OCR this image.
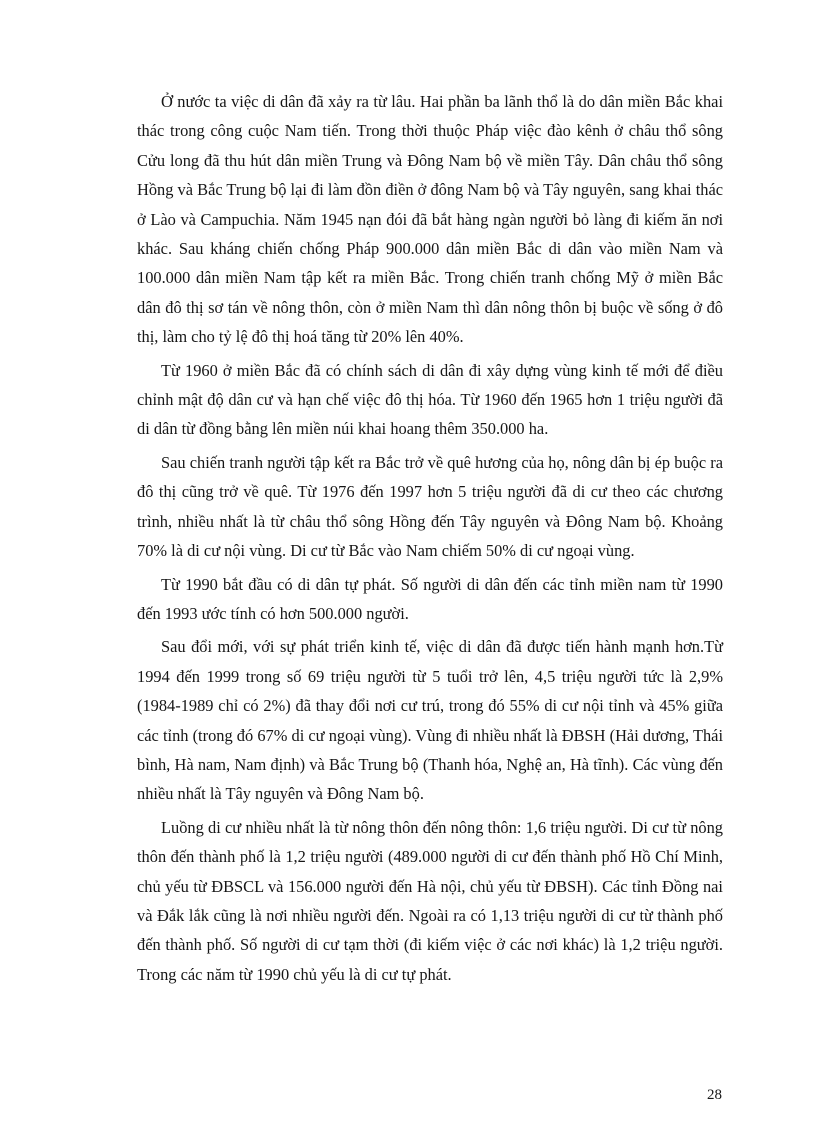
Ở nước ta việc di dân đã xảy ra từ lâu. Hai phần ba lãnh thổ là do dân miền Bắc khai thác trong công cuộc Nam tiến. Trong thời thuộc Pháp việc đào kênh ở châu thổ sông Cửu long đã thu hút dân miền Trung và Đông Nam bộ về miền Tây. Dân châu thổ sông Hồng và Bắc Trung bộ lại đi làm đồn điền ở đông Nam bộ và Tây nguyên, sang khai thác ở Lào và Campuchia. Năm 1945 nạn đói đã bắt hàng ngàn người bỏ làng đi kiếm ăn nơi khác. Sau kháng chiến chống Pháp 900.000 dân miền Bắc di dân vào miền Nam và 100.000 dân miền Nam tập kết ra miền Bắc. Trong chiến tranh chống Mỹ ở miền Bắc dân đô thị sơ tán về nông thôn, còn ở miền Nam thì dân nông thôn bị buộc về sống ở đô thị, làm cho tỷ lệ đô thị hoá tăng từ 20% lên 40%.

Từ 1960 ở miền Bắc đã có chính sách di dân đi xây dựng vùng kinh tế mới để điều chỉnh mật độ dân cư và hạn chế việc đô thị hóa. Từ 1960 đến 1965 hơn 1 triệu người đã di dân từ đồng bằng lên miền núi khai hoang thêm 350.000 ha.

Sau chiến tranh người tập kết ra Bắc trở về quê hương của họ, nông dân bị ép buộc ra đô thị cũng trở về quê. Từ 1976 đến 1997 hơn 5 triệu người đã di cư theo các chương trình, nhiều nhất là từ châu thổ sông Hồng đến Tây nguyên và Đông Nam bộ. Khoảng 70% là di cư nội vùng. Di cư từ Bắc vào Nam chiếm 50% di cư ngoại vùng.

Từ 1990 bắt đầu có di dân tự phát. Số người di dân đến các tỉnh miền nam từ 1990 đến 1993 ước tính có hơn 500.000 người.

Sau đổi mới, với sự phát triển kinh tế, việc di dân đã được tiến hành mạnh hơn.Từ 1994 đến 1999 trong số 69 triệu người từ 5 tuổi trở lên, 4,5 triệu người tức là 2,9% (1984-1989 chỉ có 2%) đã thay đổi nơi cư trú, trong đó 55% di cư nội tỉnh và 45% giữa các tỉnh (trong đó 67% di cư ngoại vùng). Vùng đi nhiều nhất là ĐBSH (Hải dương, Thái bình, Hà nam, Nam định) và Bắc Trung bộ (Thanh hóa, Nghệ an, Hà tĩnh). Các vùng đến nhiều nhất là Tây nguyên và Đông Nam bộ.

Luồng di cư nhiều nhất là từ nông thôn đến nông thôn: 1,6 triệu người. Di cư từ nông thôn đến thành phố là 1,2 triệu người (489.000 người di cư đến thành phố Hồ Chí Minh, chủ yếu từ ĐBSCL và 156.000 người đến Hà nội, chủ yếu từ ĐBSH). Các tỉnh Đồng nai và Đắk lắk cũng là nơi nhiều người đến. Ngoài ra có 1,13 triệu người di cư từ thành phố đến thành phố. Số người di cư tạm thời (đi kiếm việc ở các nơi khác) là 1,2 triệu người. Trong các năm từ 1990 chủ yếu là di cư tự phát.

28
